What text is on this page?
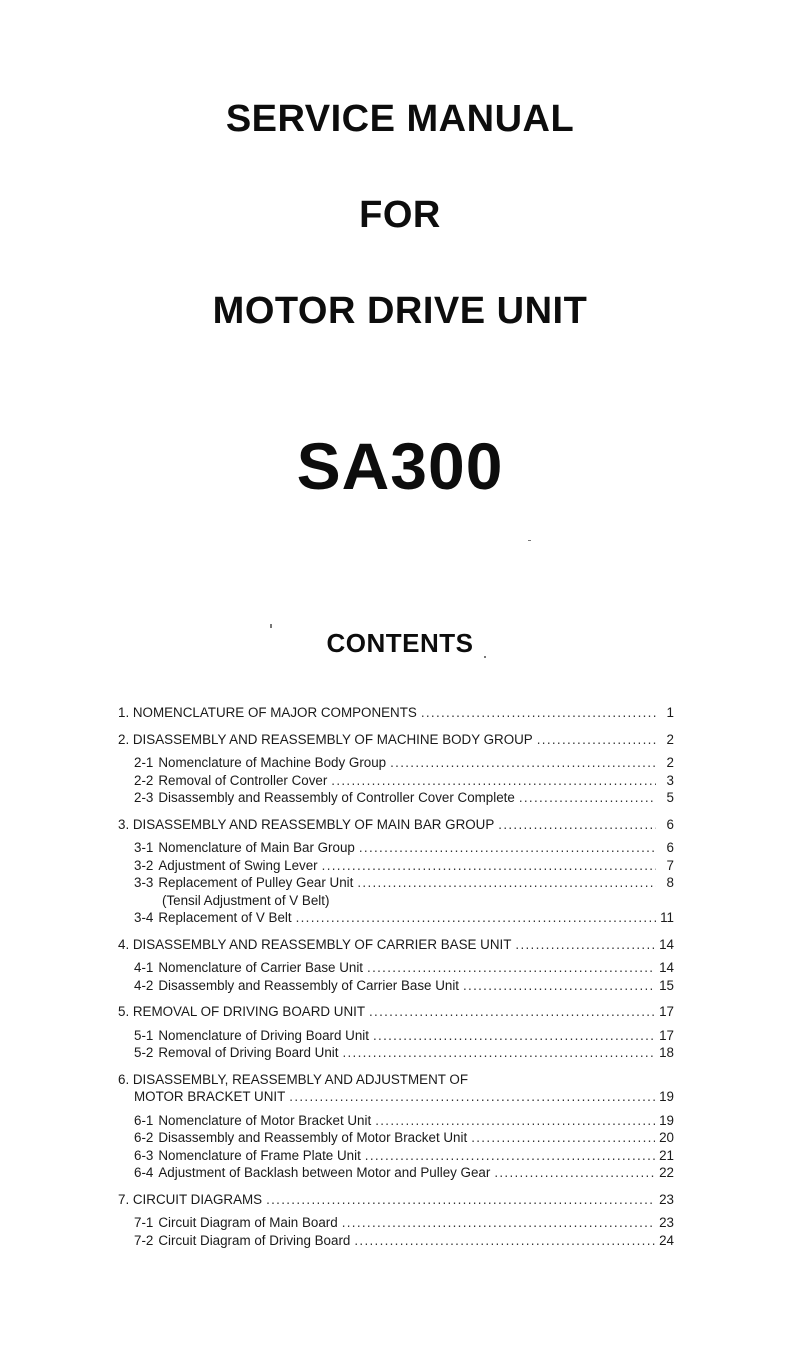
SERVICE MANUAL
FOR
MOTOR DRIVE UNIT
SA300
CONTENTS
1. NOMENCLATURE OF MAJOR COMPONENTS . . .	1
2. DISASSEMBLY AND REASSEMBLY OF MACHINE BODY GROUP . . .	2
2-1 Nomenclature of Machine Body Group . . .	2
2-2 Removal of Controller Cover . . .	3
2-3 Disassembly and Reassembly of Controller Cover Complete . . .	5
3. DISASSEMBLY AND REASSEMBLY OF MAIN BAR GROUP . . .	6
3-1 Nomenclature of Main Bar Group . . .	6
3-2 Adjustment of Swing Lever . . .	7
3-3 Replacement of Pulley Gear Unit . . .	8
(Tensil Adjustment of V Belt)
3-4 Replacement of V Belt . . .	11
4. DISASSEMBLY AND REASSEMBLY OF CARRIER BASE UNIT . . .	14
4-1 Nomenclature of Carrier Base Unit . . .	14
4-2 Disassembly and Reassembly of Carrier Base Unit . . .	15
5. REMOVAL OF DRIVING BOARD UNIT . . .	17
5-1 Nomenclature of Driving Board Unit . . .	17
5-2 Removal of Driving Board Unit . . .	18
6. DISASSEMBLY, REASSEMBLY AND ADJUSTMENT OF
MOTOR BRACKET UNIT . . .	19
6-1 Nomenclature of Motor Bracket Unit . . .	19
6-2 Disassembly and Reassembly of Motor Bracket Unit . . .	20
6-3 Nomenclature of Frame Plate Unit . . .	21
6-4 Adjustment of Backlash between Motor and Pulley Gear . . .	22
7. CIRCUIT DIAGRAMS . . .	23
7-1 Circuit Diagram of Main Board . . .	23
7-2 Circuit Diagram of Driving Board . . .	24
